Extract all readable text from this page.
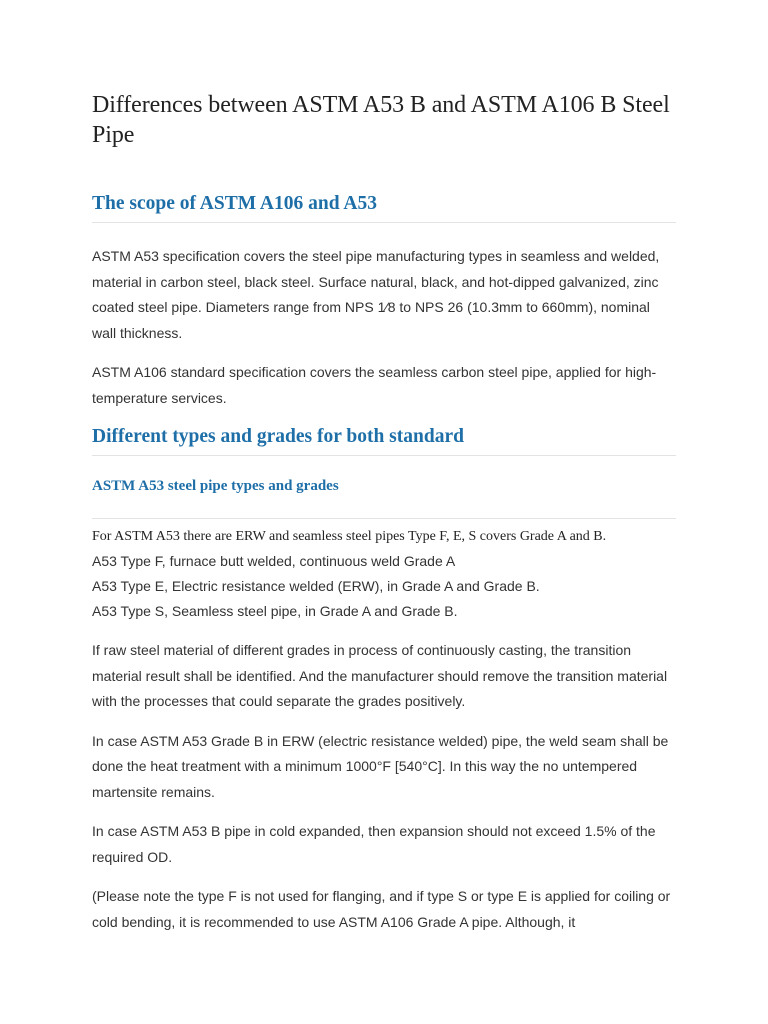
Differences between ASTM A53 B and ASTM A106 B Steel Pipe
The scope of ASTM A106 and A53

ASTM A53 specification covers the steel pipe manufacturing types in seamless and welded, material in carbon steel, black steel. Surface natural, black, and hot-dipped galvanized, zinc coated steel pipe. Diameters range from NPS 1⁄8 to NPS 26 (10.3mm to 660mm), nominal wall thickness.

ASTM A106 standard specification covers the seamless carbon steel pipe, applied for high-temperature services.

Different types and grades for both standard
ASTM A53 steel pipe types and grades

For ASTM A53 there are ERW and seamless steel pipes Type F, E, S covers Grade A and B.

A53 Type F, furnace butt welded, continuous weld Grade A

A53 Type E, Electric resistance welded (ERW), in Grade A and Grade B.

A53 Type S, Seamless steel pipe, in Grade A and Grade B.

If raw steel material of different grades in process of continuously casting, the transition material result shall be identified. And the manufacturer should remove the transition material with the processes that could separate the grades positively.

In case ASTM A53 Grade B in ERW (electric resistance welded) pipe, the weld seam shall be done the heat treatment with a minimum 1000°F [540°C]. In this way the no untempered martensite remains.

In case ASTM A53 B pipe in cold expanded, then expansion should not exceed 1.5% of the required OD.

(Please note the type F is not used for flanging, and if type S or type E is applied for coiling or cold bending, it is recommended to use ASTM A106 Grade A pipe. Although, it
